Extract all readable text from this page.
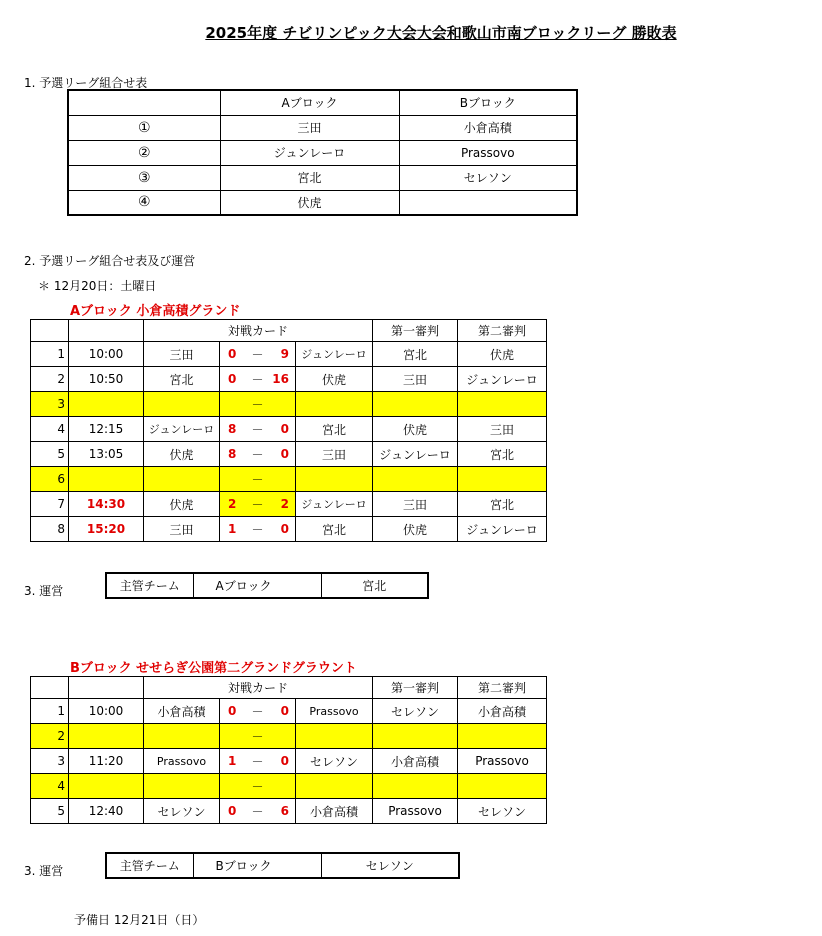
2025年度 チビリンピック大会大会和歌山市南ブロックリーグ 勝敗表
1. 予選リーグ組合せ表
	Aブロック	Bブロック
①	三田	小倉高積
②	ジュンレーロ	Prassovo
③	宮北	セレソン
④	伏虎	
2. 予選リーグ組合せ表及び運営
＊ 12月20日：土曜日
Aブロック 小倉高積グランド
		対戦カード					第一審判	第二審判
1	10:00	三田	0	－	9	ジュンレーロ	宮北	伏虎
2	10:50	宮北	0	－	16	伏虎	三田	ジュンレーロ
3				－				
4	12:15	ジュンレーロ	8	－	0	宮北	伏虎	三田
5	13:05	伏虎	8	－	0	三田	ジュンレーロ	宮北
6				－				
7	14:30	伏虎	2	－	2	ジュンレーロ	三田	宮北
8	15:20	三田	1	－	0	宮北	伏虎	ジュンレーロ
3. 運営	主管チーム	Aブロック	宮北
Bブロック せせらぎ公園第二グランドグラウント
		対戦カード					第一審判	第二審判
1	10:00	小倉高積	0	－	0	Prassovo	セレソン	小倉高積
2				－				
3	11:20	Prassovo	1	－	0	セレソン	小倉高積	Prassovo
4				－				
5	12:40	セレソン	0	－	6	小倉高積	Prassovo	セレソン
3. 運営	主管チーム	Bブロック	セレソン
予備日 12月21日（日）
